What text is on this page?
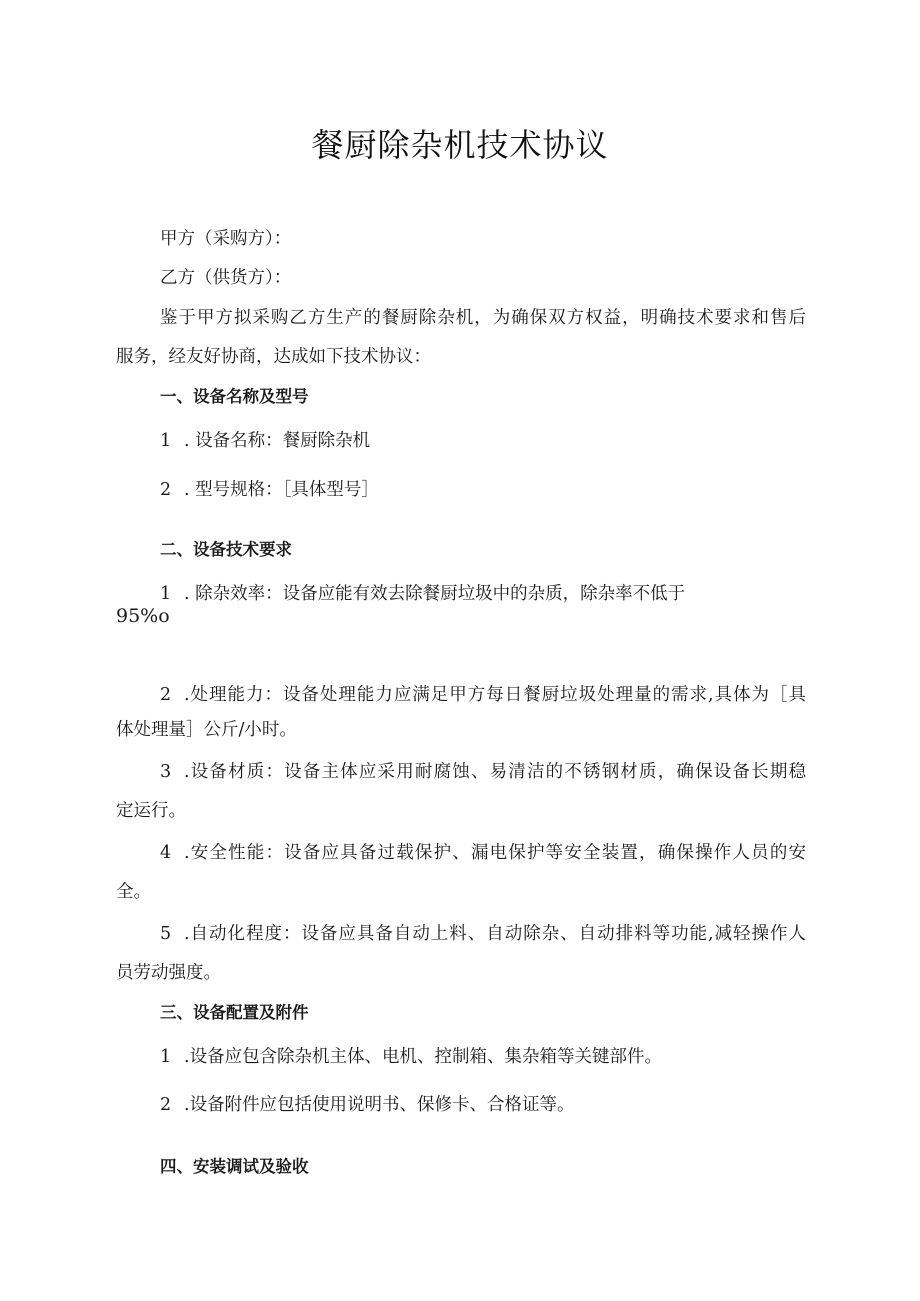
餐厨除杂机技术协议

甲方（采购方）：

乙方（供货方）：

鉴于甲方拟采购乙方生产的餐厨除杂机，为确保双方权益，明确技术要求和售后

服务，经友好协商，达成如下技术协议：

一、设备名称及型号

1 . 设备名称：餐厨除杂机

2 . 型号规格：［具体型号］

二、设备技术要求

1 . 除杂效率：设备应能有效去除餐厨垃圾中的杂质，除杂率不低于

95%o

2 .处理能力：设备处理能力应满足甲方每日餐厨垃圾处理量的需求,具体为［具

体处理量］公斤/小时。

3 .设备材质：设备主体应采用耐腐蚀、易清洁的不锈钢材质，确保设备长期稳

定运行。

4 .安全性能：设备应具备过载保护、漏电保护等安全装置，确保操作人员的安

全。

5 .自动化程度：设备应具备自动上料、自动除杂、自动排料等功能,减轻操作人

员劳动强度。

三、设备配置及附件

1 .设备应包含除杂机主体、电机、控制箱、集杂箱等关键部件。

2 .设备附件应包括使用说明书、保修卡、合格证等。

四、安装调试及验收
